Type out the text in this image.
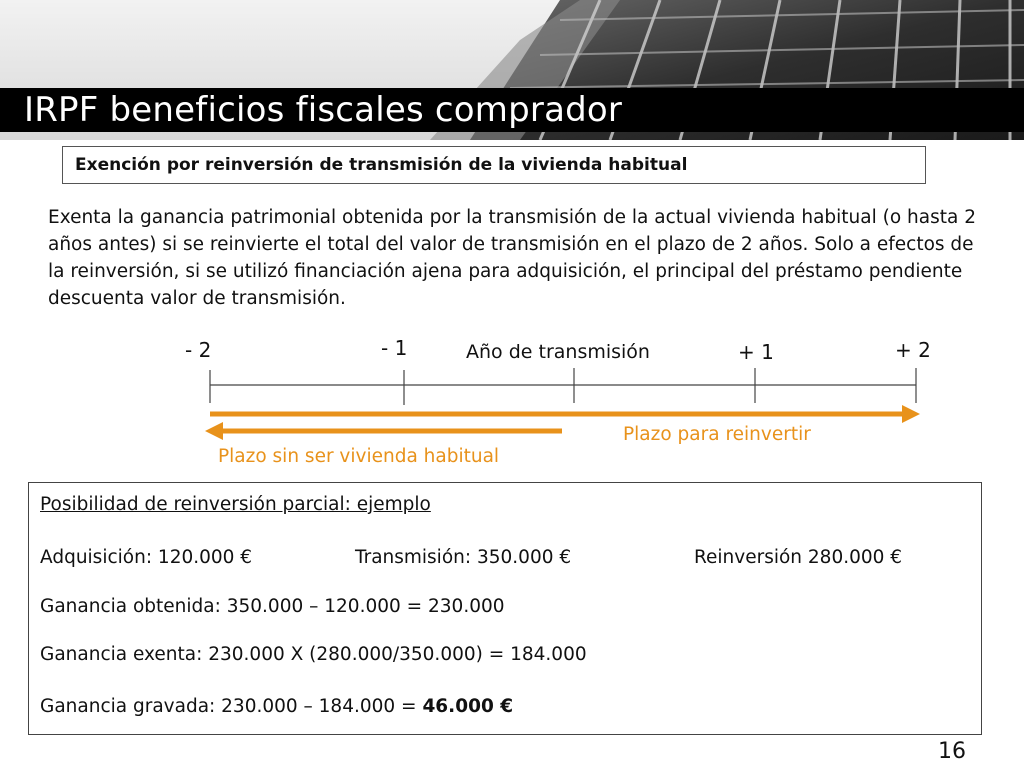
IRPF beneficios fiscales comprador
Exención por reinversión de transmisión de la vivienda habitual
Exenta la ganancia patrimonial obtenida por la transmisión de la actual vivienda habitual (o hasta 2 años antes) si se reinvierte el total del valor de transmisión en el plazo de 2 años. Solo a efectos de la reinversión, si se utilizó financiación ajena para adquisición, el principal del préstamo pendiente descuenta valor de transmisión.
- 2	- 1	Año de transmisión	+ 1	+ 2
Plazo para reinvertir
Plazo sin ser vivienda habitual
Posibilidad de reinversión parcial: ejemplo
Adquisición: 120.000 €	Transmisión: 350.000 €	Reinversión 280.000 €
Ganancia obtenida: 350.000 – 120.000 = 230.000
Ganancia exenta: 230.000 X (280.000/350.000) = 184.000
Ganancia gravada: 230.000 – 184.000 = 46.000 €
16
